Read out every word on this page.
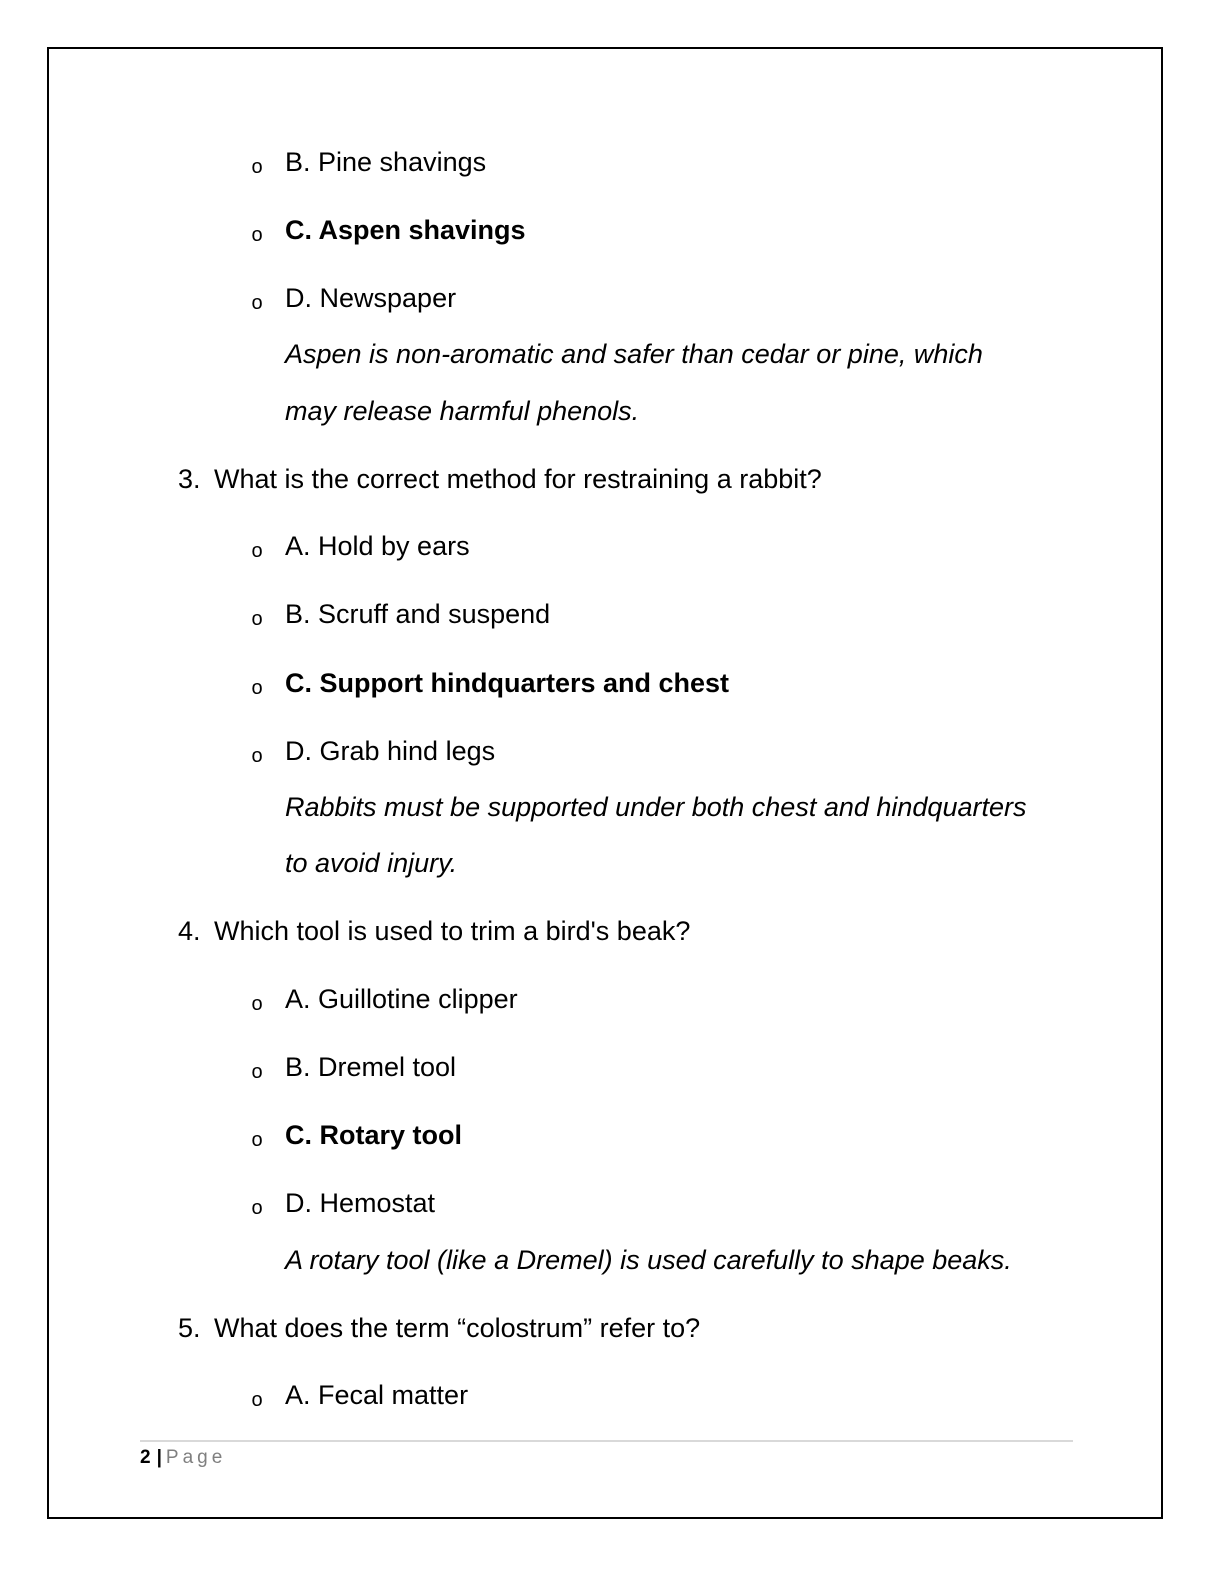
o B. Pine shavings
o C. Aspen shavings
o D. Newspaper
Aspen is non-aromatic and safer than cedar or pine, which
may release harmful phenols.
3. What is the correct method for restraining a rabbit?
o A. Hold by ears
o B. Scruff and suspend
o C. Support hindquarters and chest
o D. Grab hind legs
Rabbits must be supported under both chest and hindquarters
to avoid injury.
4. Which tool is used to trim a bird's beak?
o A. Guillotine clipper
o B. Dremel tool
o C. Rotary tool
o D. Hemostat
A rotary tool (like a Dremel) is used carefully to shape beaks.
5. What does the term “colostrum” refer to?
o A. Fecal matter
2 | Page
